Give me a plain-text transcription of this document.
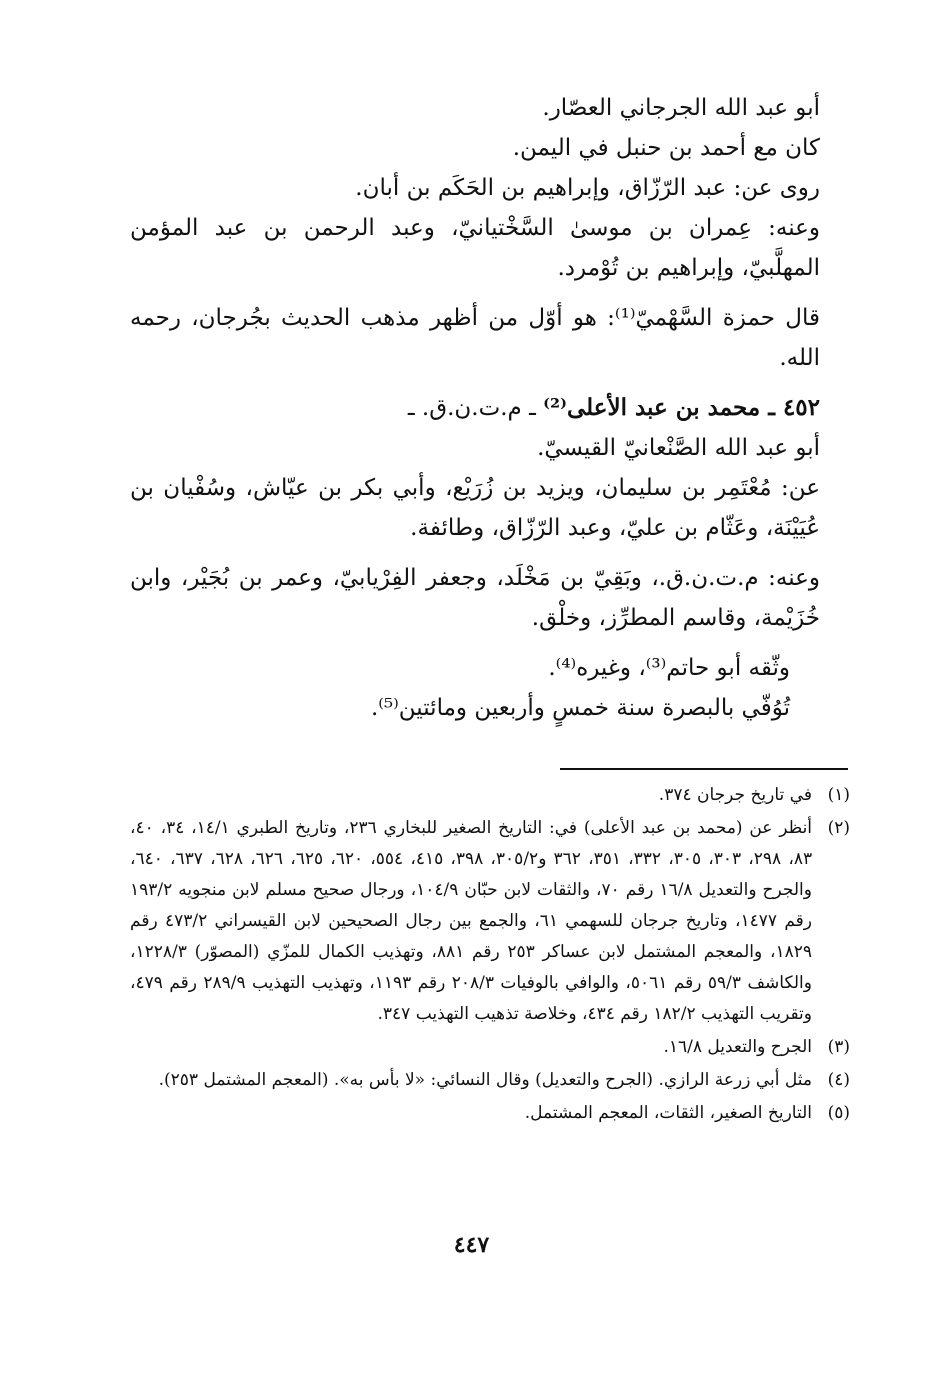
أبو عبد الله الجرجاني العصّار.

كان مع أحمد بن حنبل في اليمن.

روى عن: عبد الرّزّاق، وإبراهيم بن الحَكَم بن أبان.

وعنه: عِمران بن موسىٰ السَّخْتيانيّ، وعبد الرحمن بن عبد المؤمن المهلَّبيّ، وإبراهيم بن تُوْمرد.

قال حمزة السَّهْميّ⁽¹⁾: هو أوّل من أظهر مذهب الحديث بجُرجان، رحمه الله.

٤٥٢ ـ محمد بن عبد الأعلى⁽²⁾ ـ م.ت.ن.ق. ـ

أبو عبد الله الصَّنْعانيّ القيسيّ.

عن: مُعْتَمِر بن سليمان، ويزيد بن زُرَيْع، وأبي بكر بن عيّاش، وسُفْيان بن عُيَيْنَة، وعَثّام بن عليّ، وعبد الرّزّاق، وطائفة.

وعنه: م.ت.ن.ق.، وبَقِيّ بن مَخْلَد، وجعفر الفِرْيابيّ، وعمر بن بُجَيْر، وابن خُزَيْمة، وقاسم المطرِّز، وخلْق.

وثّقه أبو حاتم⁽³⁾، وغيره⁽⁴⁾.

تُوُفّي بالبصرة سنة خمسٍ وأربعين ومائتين⁽⁵⁾.

(١)
في تاريخ جرجان ٣٧٤.
(٢)
أنظر عن (محمد بن عبد الأعلى) في: التاريخ الصغير للبخاري ٢٣٦، وتاريخ الطبري ١٤/١، ٣٤، ٤٠، ٨٣، ٢٩٨، ٣٠٣، ٣٠٥، ٣٣٢، ٣٥١، ٣٦٢ و٣٠٥/٢، ٣٩٨، ٤١٥، ٥٥٤، ٦٢٠، ٦٢٥، ٦٢٦، ٦٢٨، ٦٣٧، ٦٤٠، والجرح والتعديل ١٦/٨ رقم ٧٠، والثقات لابن حبّان ١٠٤/٩، ورجال صحيح مسلم لابن منجويه ١٩٣/٢ رقم ١٤٧٧، وتاريخ جرجان للسهمي ٦١، والجمع بين رجال الصحيحين لابن القيسراني ٤٧٣/٢ رقم ١٨٢٩، والمعجم المشتمل لابن عساكر ٢٥٣ رقم ٨٨١، وتهذيب الكمال للمزّي (المصوّر) ١٢٢٨/٣، والكاشف ٥٩/٣ رقم ٥٠٦١، والوافي بالوفيات ٢٠٨/٣ رقم ١١٩٣، وتهذيب التهذيب ٢٨٩/٩ رقم ٤٧٩، وتقريب التهذيب ١٨٢/٢ رقم ٤٣٤، وخلاصة تذهيب التهذيب ٣٤٧.
(٣)
الجرح والتعديل ١٦/٨.
(٤)
مثل أبي زرعة الرازي. (الجرح والتعديل) وقال النسائي: «لا بأس به». (المعجم المشتمل ٢٥٣).
(٥)
التاريخ الصغير، الثقات، المعجم المشتمل.
٤٤٧
